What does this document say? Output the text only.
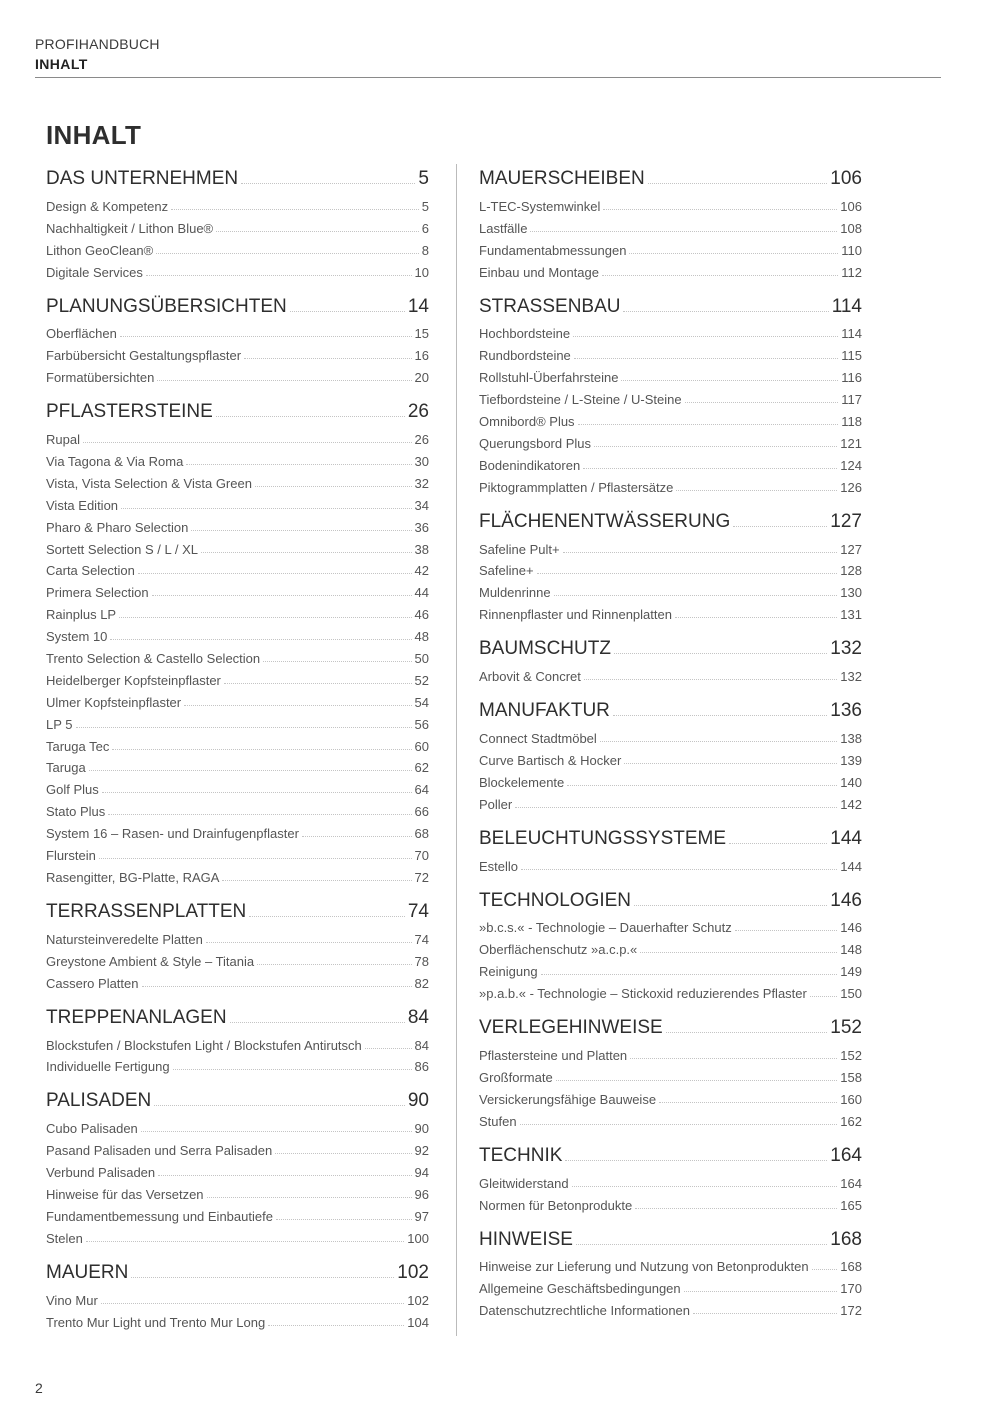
PROFIHANDBUCH
INHALT
INHALT
DAS UNTERNEHMEN	5
Design & Kompetenz	5
Nachhaltigkeit / Lithon Blue®	6
Lithon GeoClean®	8
Digitale Services	10
PLANUNGSÜBERSICHTEN	14
Oberflächen	15
Farbübersicht Gestaltungspflaster	16
Formatübersichten	20
PFLASTERSTEINE	26
Rupal	26
Via Tagona & Via Roma	30
Vista, Vista Selection & Vista Green	32
Vista Edition	34
Pharo & Pharo Selection	36
Sortett Selection S / L / XL	38
Carta Selection	42
Primera Selection	44
Rainplus LP	46
System 10	48
Trento Selection & Castello Selection	50
Heidelberger Kopfsteinpflaster	52
Ulmer Kopfsteinpflaster	54
LP 5	56
Taruga Tec	60
Taruga	62
Golf Plus	64
Stato Plus	66
System 16 – Rasen- und Drainfugenpflaster	68
Flurstein	70
Rasengitter, BG-Platte, RAGA	72
TERRASSENPLATTEN	74
Natursteinveredelte Platten	74
Greystone Ambient & Style – Titania	78
Cassero Platten	82
TREPPENANLAGEN	84
Blockstufen / Blockstufen Light / Blockstufen Antirutsch	84
Individuelle Fertigung	86
PALISADEN	90
Cubo Palisaden	90
Pasand Palisaden und Serra Palisaden	92
Verbund Palisaden	94
Hinweise für das Versetzen	96
Fundamentbemessung und Einbautiefe	97
Stelen	100
MAUERN	102
Vino Mur	102
Trento Mur Light und Trento Mur Long	104
MAUERSCHEIBEN	106
L-TEC-Systemwinkel	106
Lastfälle	108
Fundamentabmessungen	110
Einbau und Montage	112
STRASSENBAU	114
Hochbordsteine	114
Rundbordsteine	115
Rollstuhl-Überfahrsteine	116
Tiefbordsteine / L-Steine / U-Steine	117
Omnibord® Plus	118
Querungsbord Plus	121
Bodenindikatoren	124
Piktogrammplatten / Pflastersätze	126
FLÄCHENENTWÄSSERUNG	127
Safeline Pult+	127
Safeline+	128
Muldenrinne	130
Rinnenpflaster und Rinnenplatten	131
BAUMSCHUTZ	132
Arbovit & Concret	132
MANUFAKTUR	136
Connect Stadtmöbel	138
Curve Bartisch & Hocker	139
Blockelemente	140
Poller	142
BELEUCHTUNGSSYSTEME	144
Estello	144
TECHNOLOGIEN	146
»b.c.s.« - Technologie – Dauerhafter Schutz	146
Oberflächenschutz »a.c.p.«	148
Reinigung	149
»p.a.b.« - Technologie – Stickoxid reduzierendes Pflaster	150
VERLEGEHINWEISE	152
Pflastersteine und Platten	152
Großformate	158
Versickerungsfähige Bauweise	160
Stufen	162
TECHNIK	164
Gleitwiderstand	164
Normen für Betonprodukte	165
HINWEISE	168
Hinweise zur Lieferung und Nutzung von Betonprodukten 168
Allgemeine Geschäftsbedingungen	170
Datenschutzrechtliche Informationen	172
2
